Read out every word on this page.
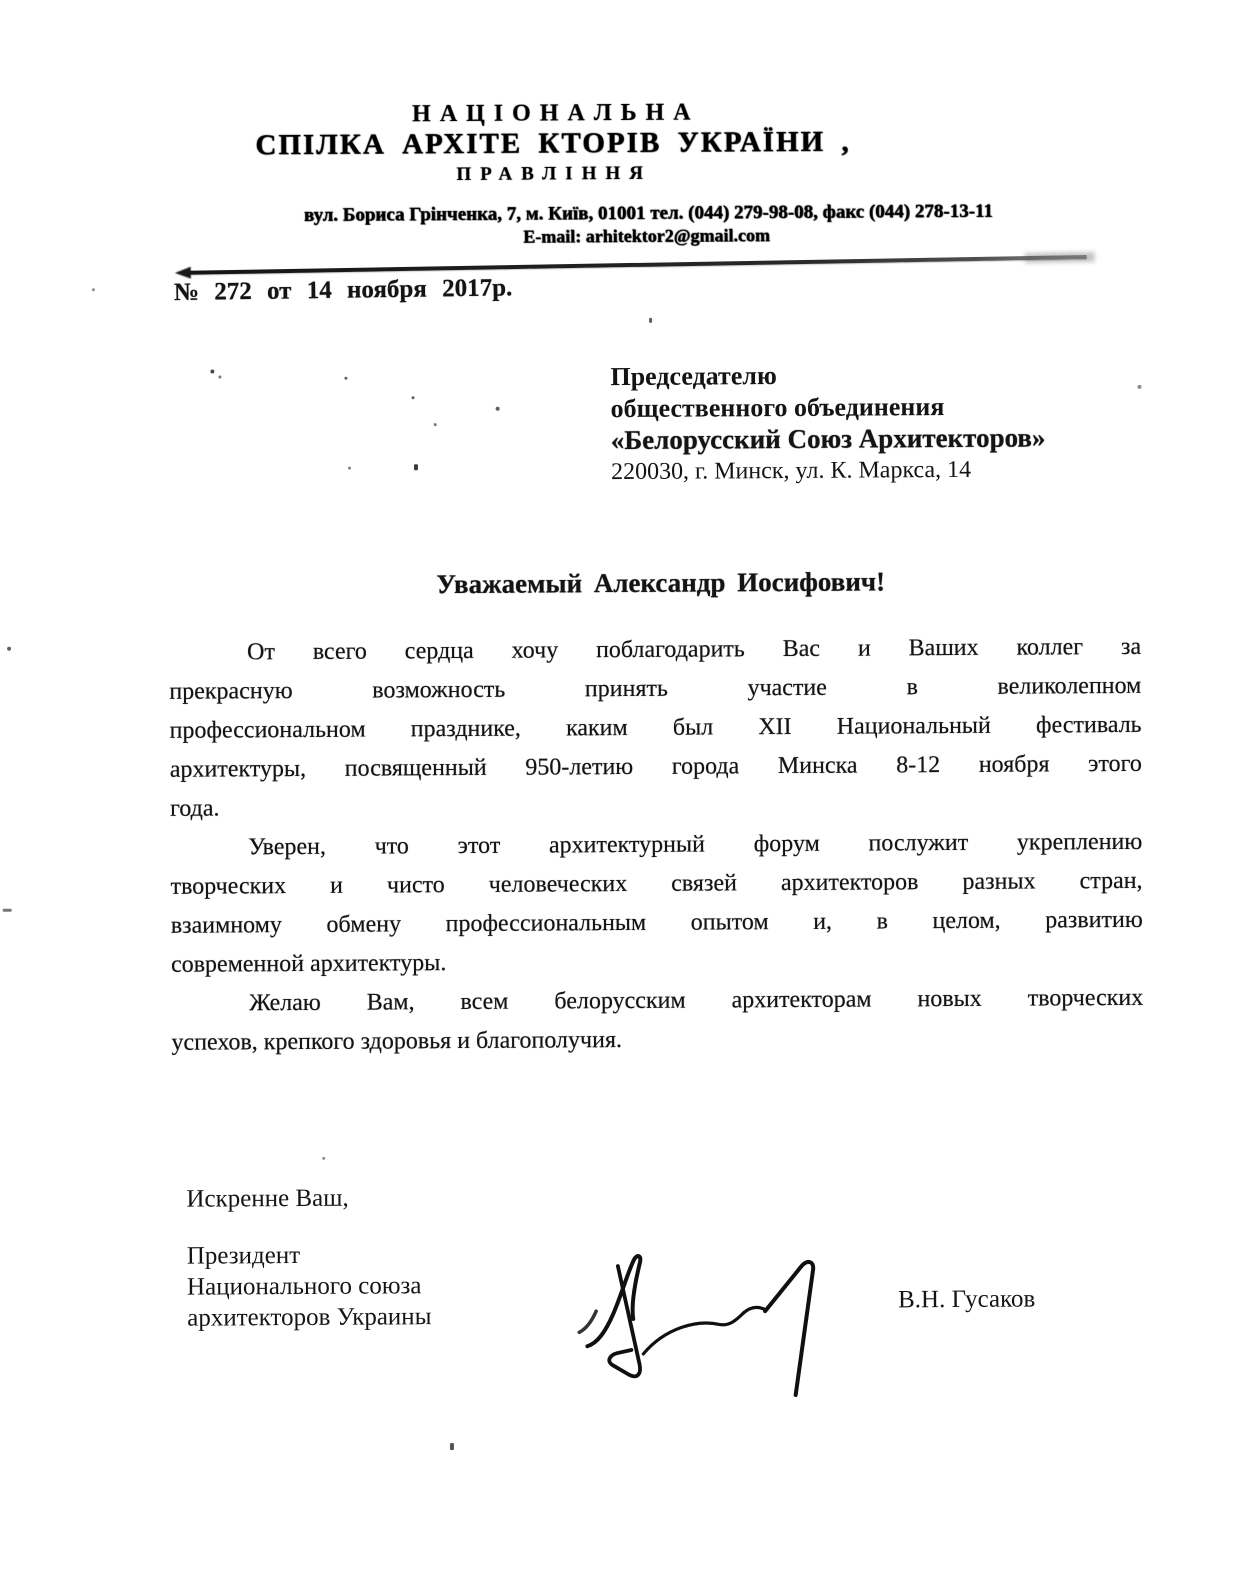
НАЦІОНАЛЬНА
СПІЛКА АРХІТЕ КТОРІВ УКРАЇНИ ,
ПРАВЛІННЯ
вул. Бориса Грінченка, 7, м. Київ, 01001 тел. (044) 279-98-08, факс (044) 278-13-11
E-mail: arhitektor2@gmail.com
№ 272 от 14 ноября 2017р.
Председателю
общественного объединения
«Белорусский Союз Архитекторов»
220030, г. Минск, ул. К. Маркса, 14
Уважаемый Александр Иосифович!
От всего сердца хочу поблагодарить Вас и Ваших коллег за
прекрасную возможность принять участие в великолепном
профессиональном празднике, каким был XII Национальный фестиваль
архитектуры, посвященный 950-летию города Минска 8-12 ноября этого
года.
Уверен, что этот архитектурный форум послужит укреплению
творческих и чисто человеческих связей архитекторов разных стран,
взаимному обмену профессиональным опытом и, в целом, развитию
современной архитектуры.
Желаю Вам, всем белорусским архитекторам новых творческих
успехов, крепкого здоровья и благополучия.
Искренне Ваш,
Президент
Национального союза
архитекторов Украины
В.Н. Гусаков
